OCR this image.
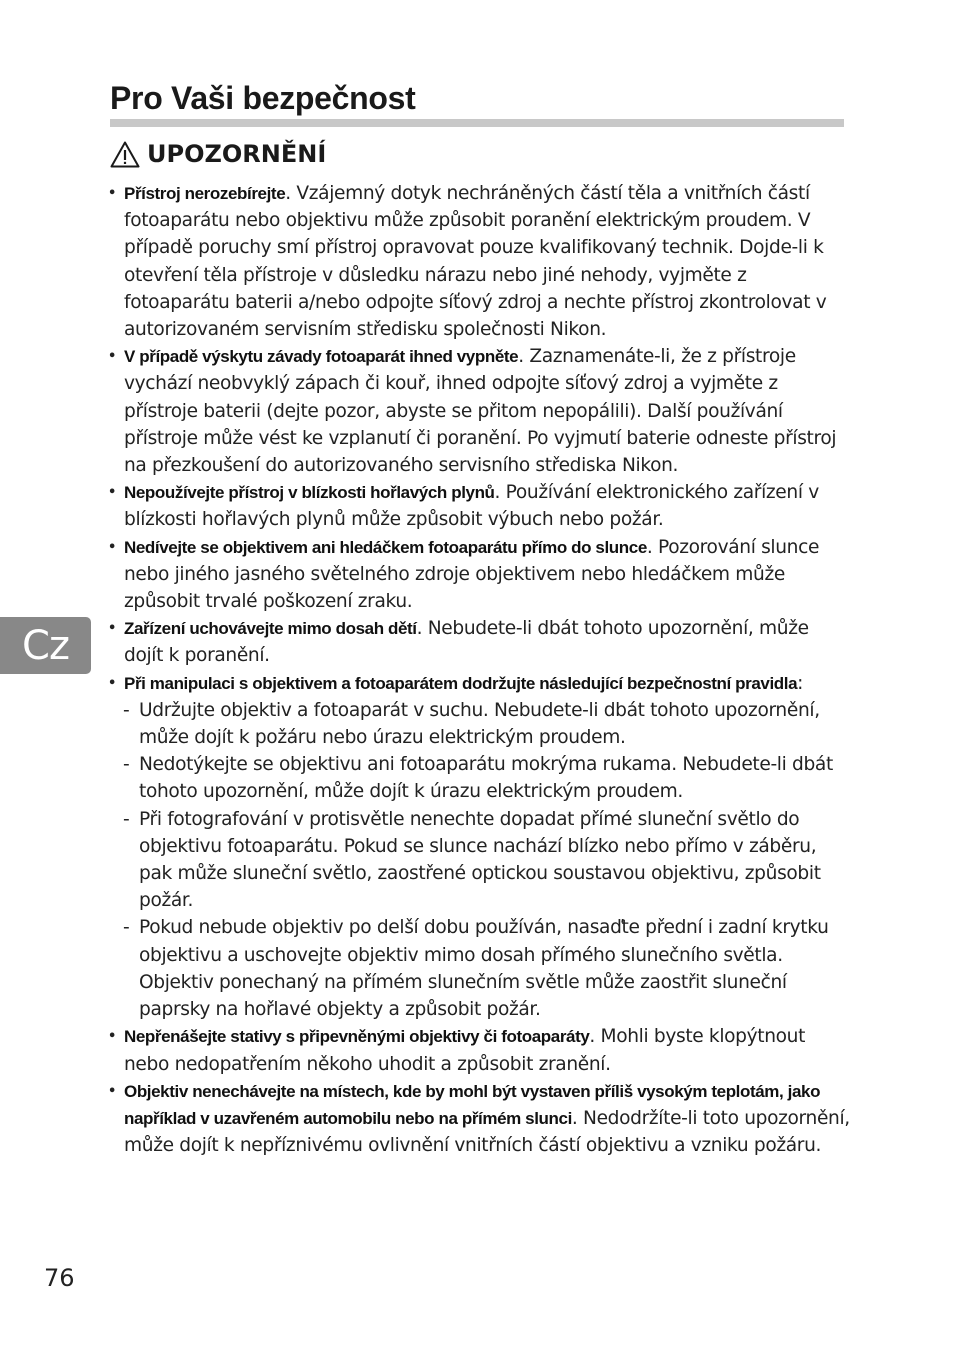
Pro Vaši bezpečnost
UPOZORNĚNÍ
• Přístroj nerozebírejte. Vzájemný dotyk nechráněných částí těla a vnitřních částí fotoaparátu nebo objektivu může způsobit poranění elektrickým proudem. V případě poruchy smí přístroj opravovat pouze kvalifikovaný technik. Dojde-li k otevření těla přístroje v důsledku nárazu nebo jiné nehody, vyjměte z fotoaparátu baterii a/nebo odpojte síťový zdroj a nechte přístroj zkontrolovat v autorizovaném servisním středisku společnosti Nikon.
• V případě výskytu závady fotoaparát ihned vypněte. Zaznamenáte-li, že z přístroje vychází neobvyklý zápach či kouř, ihned odpojte síťový zdroj a vyjměte z přístroje baterii (dejte pozor, abyste se přitom nepopálili). Další používání přístroje může vést ke vzplanutí či poranění. Po vyjmutí baterie odneste přístroj na přezkoušení do autorizovaného servisního střediska Nikon.
• Nepoužívejte přístroj v blízkosti hořlavých plynů. Používání elektronického zařízení v blízkosti hořlavých plynů může způsobit výbuch nebo požár.
• Nedívejte se objektivem ani hledáčkem fotoaparátu přímo do slunce. Pozorování slunce nebo jiného jasného světelného zdroje objektivem nebo hledáčkem může způsobit trvalé poškození zraku.
• Zařízení uchovávejte mimo dosah dětí. Nebudete-li dbát tohoto upozornění, může dojít k poranění.
• Při manipulaci s objektivem a fotoaparátem dodržujte následující bezpečnostní pravidla:
- Udržujte objektiv a fotoaparát v suchu. Nebudete-li dbát tohoto upozornění, může dojít k požáru nebo úrazu elektrickým proudem.
- Nedotýkejte se objektivu ani fotoaparátu mokrýma rukama. Nebudete-li dbát tohoto upozornění, může dojít k úrazu elektrickým proudem.
- Při fotografování v protisvětle nenechte dopadat přímé sluneční světlo do objektivu fotoaparátu. Pokud se slunce nachází blízko nebo přímo v záběru, pak může sluneční světlo, zaostřené optickou soustavou objektivu, způsobit požár.
- Pokud nebude objektiv po delší dobu používán, nasaďte přední i zadní krytku objektivu a uschovejte objektiv mimo dosah přímého slunečního světla. Objektiv ponechaný na přímém slunečním světle může zaostřit sluneční paprsky na hořlavé objekty a způsobit požár.
• Nepřenášejte stativy s připevněnými objektivy či fotoaparáty. Mohli byste klopýtnout nebo nedopatřením někoho uhodit a způsobit zranění.
• Objektiv nenechávejte na místech, kde by mohl být vystaven příliš vysokým teplotám, jako například v uzavřeném automobilu nebo na přímém slunci. Nedodržíte-li toto upozornění, může dojít k nepříznivému ovlivnění vnitřních částí objektivu a vzniku požáru.
Cz
76
